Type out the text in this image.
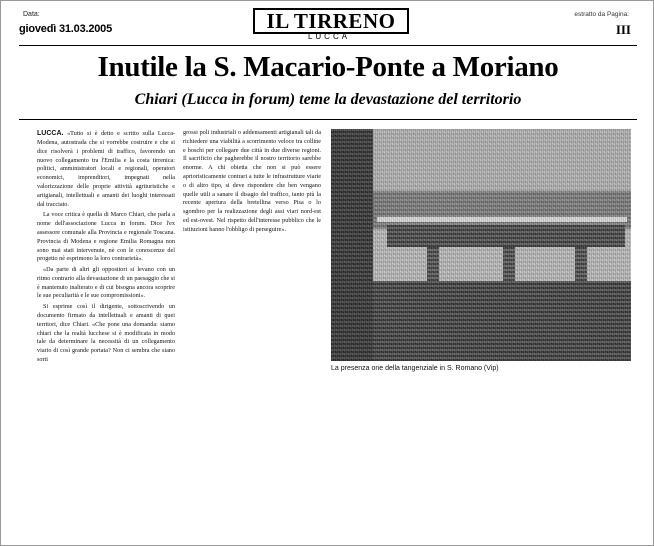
Data:
giovedì 31.03.2005	IL TIRRENO
LUCCA
estratto da Pagina:
III
Inutile la S. Macario-Ponte a Moriano
Chiari (Lucca in forum) teme la devastazione del territorio

LUCCA. «Tutto si è detto e scritto sulla Lucca-Modena, autostrada che si vorrebbe costruire e che si dice risolverà i problemi di traffico, favorendo un nuovo collegamento tra l'Emilia e la costa tirrenica: politici, amministratori locali e regionali, operatori economici, imprenditori, impegnati nella valorizzazione delle proprie attività agrituristiche e artigianali, intellettuali e amanti dei luoghi interessati dal tracciato.

La voce critica è quella di Marco Chiari, che parla a nome dell'associazione Lucca in forum. Dice l'ex assessore comunale alla Provincia e regionale Toscana. Provincia di Modena e regione Emilia Romagna non sono mai stati intervenute, nè con le conoscenze del progetto nè esprimono la loro contrarietà».

«Da parte di altri gli oppositori si levano con un ritmo contrario alla devastazione di un paesaggio che si è mantenuto inalterato e di cui bisogna ancora scoprire le sue peculiarità e le sue compromissioni».

Si esprime così il dirigente, sottoscrivendo un documento firmato da intellettuali e amanti di quei territori, dice Chiari. «Che pone una domanda: siamo chiari che la realtà lucchese si è modificata in modo tale da determinare la necessità di un collegamento viario di così grande portata? Non ci sembra che siano sorti

grossi poli industriali o addensamenti artigianali tali da richiedere una viabilità a scorrimento veloce tra colline e boschi per collegare due città in due diverse regioni. Il sacrificio che pagherebbe il nostro territorio sarebbe enorme. A chi obietta che non si può essere aprioristicamente contrari a tutte le infrastrutture viarie o di altro tipo, si deve rispondere che ben vengano quelle utili a sanare il disagio del traffico, tanto più la recente apertura della bretellina verso Pisa o lo sgombro per la realizzazione degli assi viari nord-est ed est-ovest. Nel rispetto dell'interesse pubblico che le istituzioni hanno l'obbligo di perseguire».

La presenza one della tangenziale in S. Romano (Vip)
